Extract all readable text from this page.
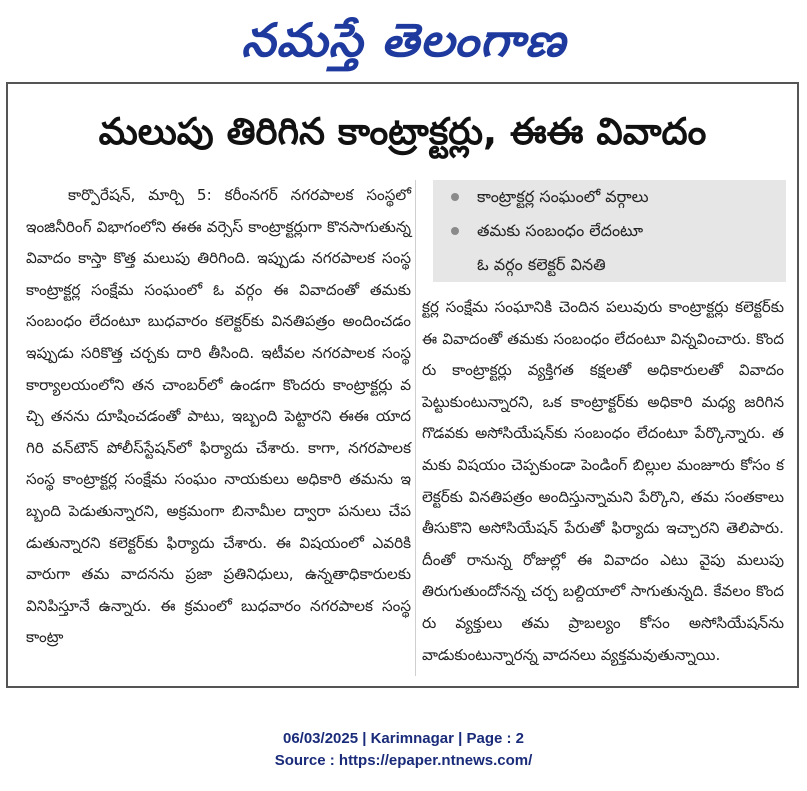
నమస్తే తెలంగాణ
మలుపు తిరిగిన కాంట్రాక్టర్లు, ఈఈ వివాదం

కార్పొరేషన్, మార్చి 5: కరీంనగర్ నగరపాలక సంస్థలో ఇంజినీరింగ్ విభాగంలోని ఈఈ వర్సెస్ కాంట్రాక్టర్లుగా కొనసాగుతున్న వివాదం కాస్తా కొత్త మలుపు తిరిగింది. ఇప్పుడు నగరపాలక సంస్థ కాంట్రాక్టర్ల సంక్షేమ సంఘంలో ఓ వర్గం ఈ వివాదంతో తమకు సంబంధం లేదంటూ బుధవారం కలెక్టర్‌కు వినతిపత్రం అందించడం ఇప్పుడు సరికొత్త చర్చకు దారి తీసింది. ఇటీవల నగరపాలక సంస్థ కార్యాలయంలోని తన చాంబర్‌లో ఉండగా కొందరు కాంట్రాక్టర్లు వచ్చి తనను దూషించడంతో పాటు, ఇబ్బంది పెట్టారని ఈఈ యాదగిరి వన్‌టౌన్ పోలీస్‌స్టేషన్‌లో ఫిర్యాదు చేశారు. కాగా, నగరపాలక సంస్థ కాంట్రాక్టర్ల సంక్షేమ సంఘం నాయకులు అధికారి తమను ఇబ్బంది పెడుతున్నారని, అక్రమంగా బినామీల ద్వారా పనులు చేపడుతున్నారని కలెక్టర్‌కు ఫిర్యాదు చేశారు. ఈ విషయంలో ఎవరికి వారుగా తమ వాదనను ప్రజా ప్రతినిధులు, ఉన్నతాధికారులకు వినిపిస్తూనే ఉన్నారు. ఈ క్రమంలో బుధవారం నగరపాలక సంస్థ కాంట్రా

కాంట్రాక్టర్ల సంఘంలో వర్గాలు
తమకు సంబంధం లేదంటూ
ఓ వర్గం కలెక్టర్ వినతి

క్టర్ల సంక్షేమ సంఘానికి చెందిన పలువురు కాంట్రాక్టర్లు కలెక్టర్‌కు ఈ వివాదంతో తమకు సంబంధం లేదంటూ విన్నవించారు. కొందరు కాంట్రాక్టర్లు వ్యక్తిగత కక్షలతో అధికారులతో వివాదం పెట్టుకుంటున్నారని, ఒక కాంట్రాక్టర్‌కు అధికారి మధ్య జరిగిన గొడవకు అసోసియేషన్‌కు సంబంధం లేదంటూ పేర్కొన్నారు. తమకు విషయం చెప్పకుండా పెండింగ్ బిల్లుల మంజూరు కోసం కలెక్టర్‌కు వినతిపత్రం అందిస్తున్నామని పేర్కొని, తమ సంతకాలు తీసుకొని అసోసియేషన్ పేరుతో ఫిర్యాదు ఇచ్చారని తెలిపారు. దీంతో రానున్న రోజుల్లో ఈ వివాదం ఎటు వైపు మలుపు తిరుగుతుందోనన్న చర్చ బల్దియాలో సాగుతున్నది. కేవలం కొందరు వ్యక్తులు తమ ప్రాబల్యం కోసం అసోసియేషన్‌ను వాడుకుంటున్నారన్న వాదనలు వ్యక్తమవుతున్నాయి.

06/03/2025 | Karimnagar | Page : 2
Source : https://epaper.ntnews.com/
